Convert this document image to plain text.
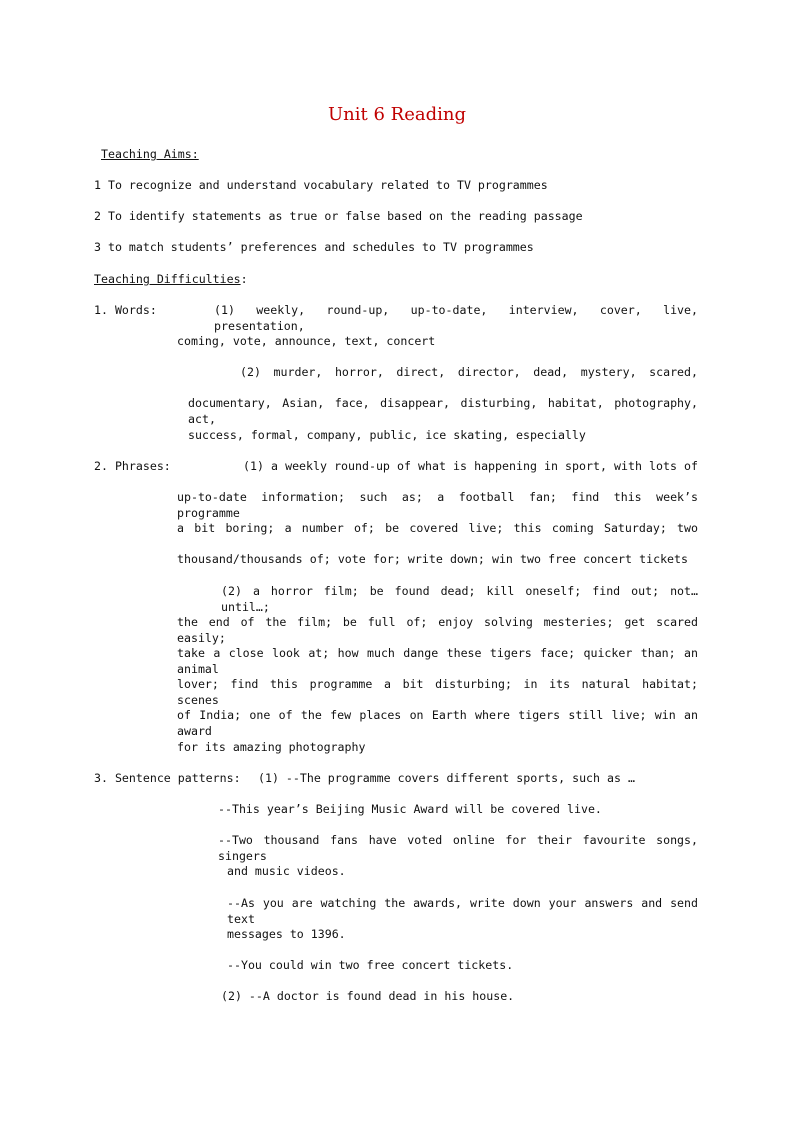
Unit 6 Reading
Teaching Aims:
1 To recognize and understand vocabulary related to TV programmes
2 To identify statements as true or false based on the reading passage
3 to match students’ preferences and schedules to TV programmes
Teaching Difficulties:
1. Words:	(1) weekly, round-up, up-to-date, interview, cover, live, presentation,
coming, vote, announce, text, concert
(2) murder, horror, direct, director, dead, mystery, scared,
documentary, Asian, face, disappear, disturbing, habitat, photography, act,
success, formal, company, public, ice skating, especially
2. Phrases:	(1) a weekly round-up of what is happening in sport, with lots of
up-to-date information; such as; a football fan; find this week’s programme
a bit boring; a number of; be covered live; this coming Saturday; two
thousand/thousands of; vote for; write down; win two free concert tickets
(2) a horror film; be found dead; kill oneself; find out; not… until…;
the end of the film; be full of; enjoy solving mesteries; get scared easily;
take a close look at; how much dange these tigers face; quicker than; an animal
lover; find this programme a bit disturbing; in its natural habitat; scenes
of India; one of the few places on Earth where tigers still live; win an award
for its amazing photography
3. Sentence patterns: (1) --The programme covers different sports, such as …
--This year’s Beijing Music Award will be covered live.
--Two thousand fans have voted online for their favourite songs, singers
and music videos.
--As you are watching the awards, write down your answers and send text
messages to 1396.
--You could win two free concert tickets.
(2) --A doctor is found dead in his house.
